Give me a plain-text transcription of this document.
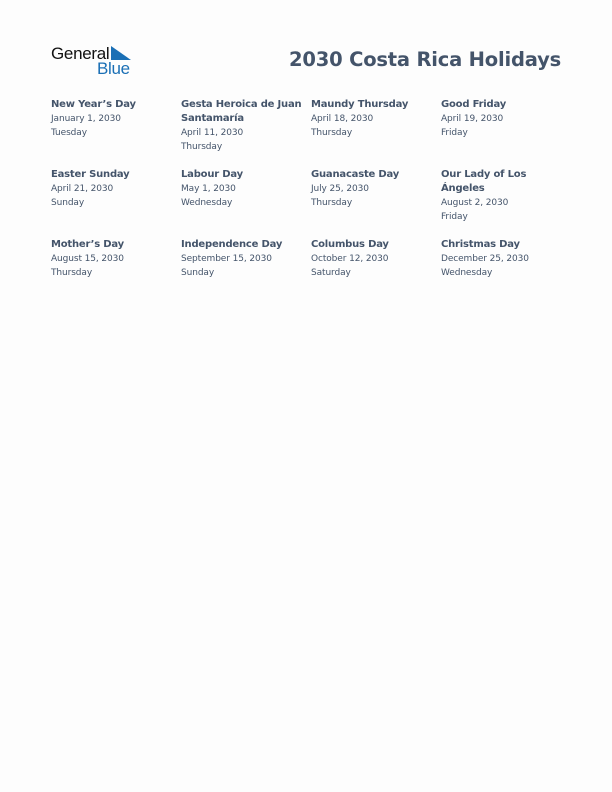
General
Blue	2030 Costa Rica Holidays
New Year’s Day
January 1, 2030
Tuesday
Gesta Heroica de Juan Santamaría
April 11, 2030
Thursday
Maundy Thursday
April 18, 2030
Thursday
Good Friday
April 19, 2030
Friday
Easter Sunday
April 21, 2030
Sunday
Labour Day
May 1, 2030
Wednesday
Guanacaste Day
July 25, 2030
Thursday
Our Lady of Los Ángeles
August 2, 2030
Friday
Mother’s Day
August 15, 2030
Thursday
Independence Day
September 15, 2030
Sunday
Columbus Day
October 12, 2030
Saturday
Christmas Day
December 25, 2030
Wednesday
